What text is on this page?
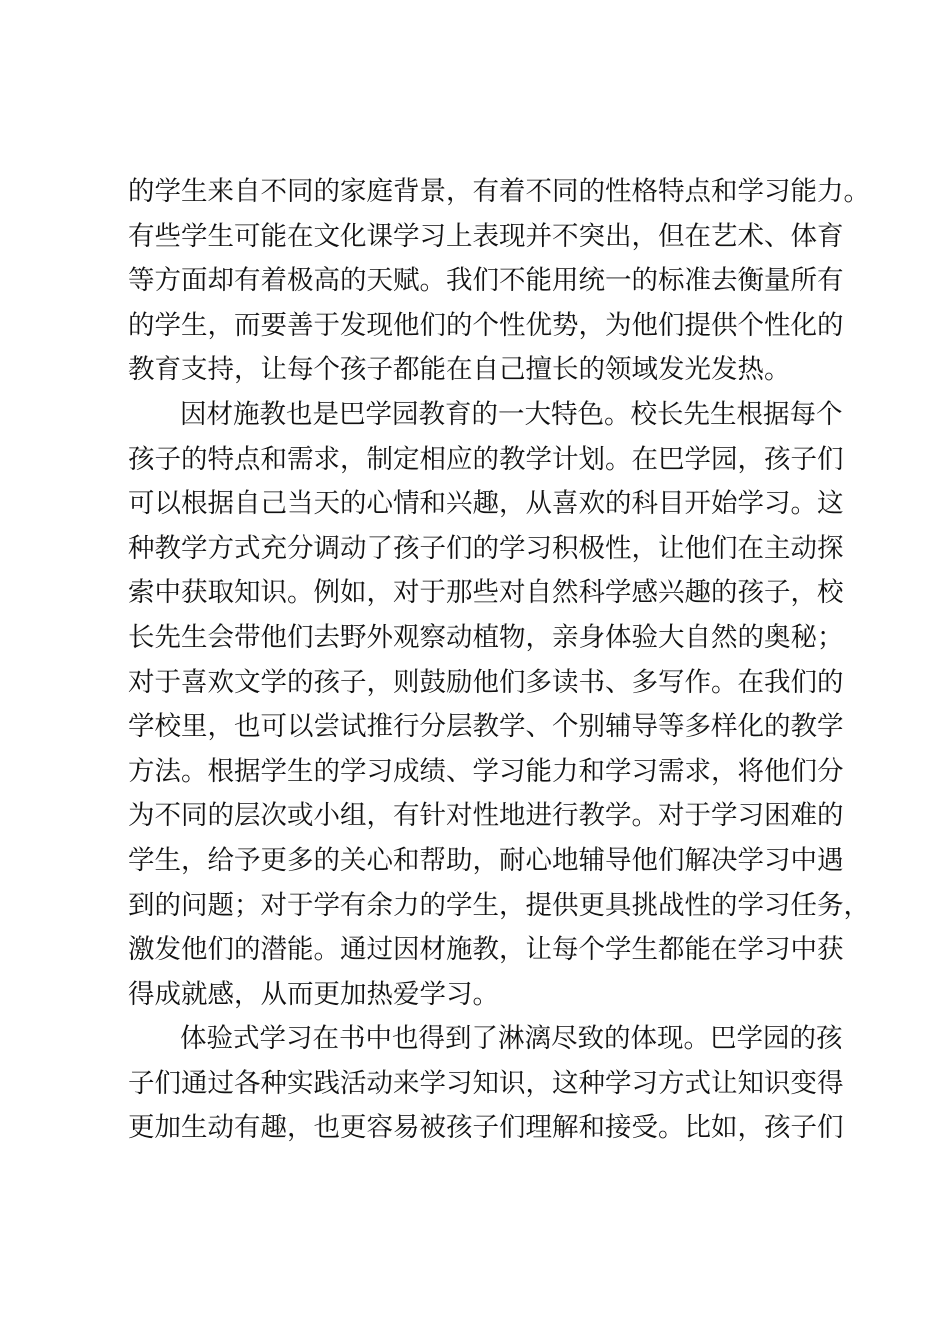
的学生来自不同的家庭背景，有着不同的性格特点和学习能力。
有些学生可能在文化课学习上表现并不突出，但在艺术、体育
等方面却有着极高的天赋。我们不能用统一的标准去衡量所有
的学生，而要善于发现他们的个性优势，为他们提供个性化的
教育支持，让每个孩子都能在自己擅长的领域发光发热。
因材施教也是巴学园教育的一大特色。校长先生根据每个
孩子的特点和需求，制定相应的教学计划。在巴学园，孩子们
可以根据自己当天的心情和兴趣，从喜欢的科目开始学习。这
种教学方式充分调动了孩子们的学习积极性，让他们在主动探
索中获取知识。例如，对于那些对自然科学感兴趣的孩子，校
长先生会带他们去野外观察动植物，亲身体验大自然的奥秘；
对于喜欢文学的孩子，则鼓励他们多读书、多写作。在我们的
学校里，也可以尝试推行分层教学、个别辅导等多样化的教学
方法。根据学生的学习成绩、学习能力和学习需求，将他们分
为不同的层次或小组，有针对性地进行教学。对于学习困难的
学生，给予更多的关心和帮助，耐心地辅导他们解决学习中遇
到的问题；对于学有余力的学生，提供更具挑战性的学习任务，
激发他们的潜能。通过因材施教，让每个学生都能在学习中获
得成就感，从而更加热爱学习。
体验式学习在书中也得到了淋漓尽致的体现。巴学园的孩
子们通过各种实践活动来学习知识，这种学习方式让知识变得
更加生动有趣，也更容易被孩子们理解和接受。比如，孩子们
